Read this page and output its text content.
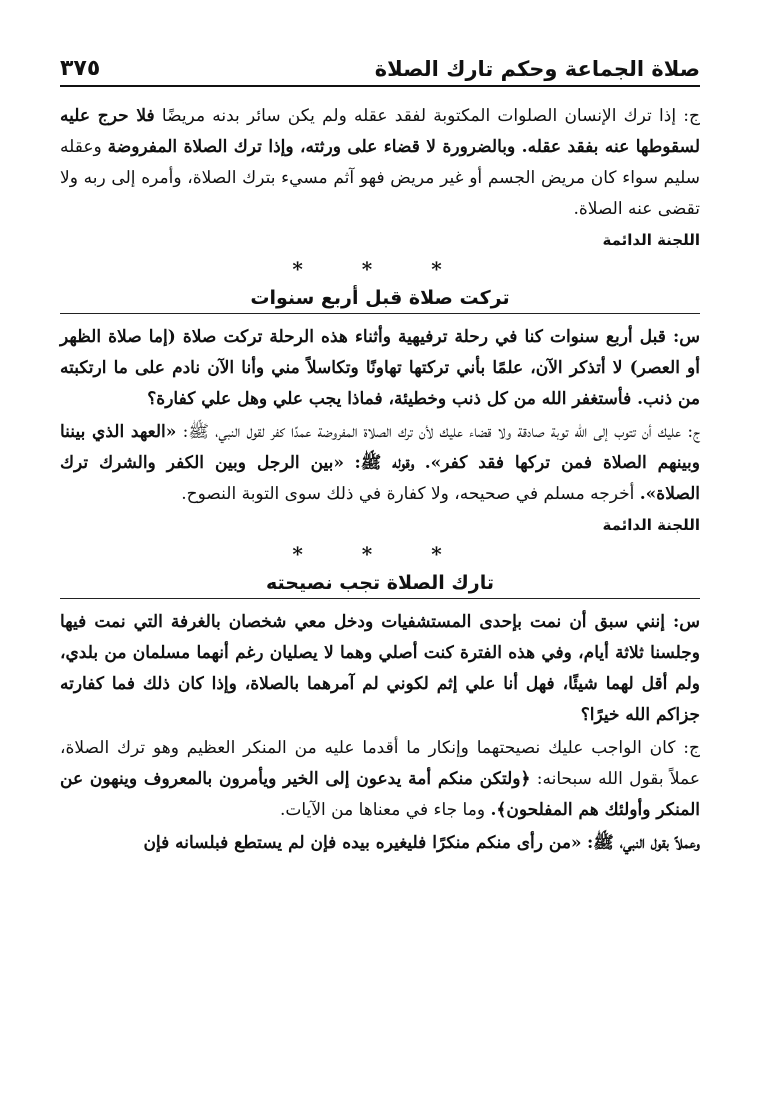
صلاة الجماعة وحكم تارك الصلاة
٣٧٥

ج: إذا ترك الإنسان الصلوات المكتوبة لفقد عقله ولم يكن سائر بدنه مريضًا فلا حرج عليه لسقوطها عنه بفقد عقله. وبالضرورة لا قضاء على ورثته، وإذا ترك الصلاة المفروضة وعقله سليم سواء كان مريض الجسم أو غير مريض فهو آثم مسيء بترك الصلاة، وأمره إلى ربه ولا تقضى عنه الصلاة.

اللجنة الدائمة
* * *
تركت صلاة قبل أربع سنوات

س: قبل أربع سنوات كنا في رحلة ترفيهية وأثناء هذه الرحلة تركت صلاة (إما صلاة الظهر أو العصر) لا أتذكر الآن، علمًا بأني تركتها تهاونًا وتكاسلاً مني وأنا الآن نادم على ما ارتكبته من ذنب. فأستغفر الله من كل ذنب وخطيئة، فماذا يجب علي وهل علي كفارة؟

ج: عليك أن تتوب إلى الله توبة صادقة ولا قضاء عليك لأن ترك الصلاة المفروضة عمدًا كفر لقول النبي، ﷺ: «العهد الذي بيننا وبينهم الصلاة فمن تركها فقد كفر». وقوله ﷺ: «بين الرجل وبين الكفر والشرك ترك الصلاة». أخرجه مسلم في صحيحه، ولا كفارة في ذلك سوى التوبة النصوح.

اللجنة الدائمة
* * *
تارك الصلاة تجب نصيحته

س: إنني سبق أن نمت بإحدى المستشفيات ودخل معي شخصان بالغرفة التي نمت فيها وجلسنا ثلاثة أيام، وفي هذه الفترة كنت أصلي وهما لا يصليان رغم أنهما مسلمان من بلدي، ولم أقل لهما شيئًا، فهل أنا علي إثم لكوني لم آمرهما بالصلاة، وإذا كان ذلك فما كفارته جزاكم الله خيرًا؟

ج: كان الواجب عليك نصيحتهما وإنكار ما أقدما عليه من المنكر العظيم وهو ترك الصلاة، عملاً بقول الله سبحانه: ﴿ولتكن منكم أمة يدعون إلى الخير ويأمرون بالمعروف وينهون عن المنكر وأولئك هم المفلحون﴾. وما جاء في معناها من الآيات.

وعملاً بقول النبي، ﷺ: «من رأى منكم منكرًا فليغيره بيده فإن لم يستطع فبلسانه فإن
